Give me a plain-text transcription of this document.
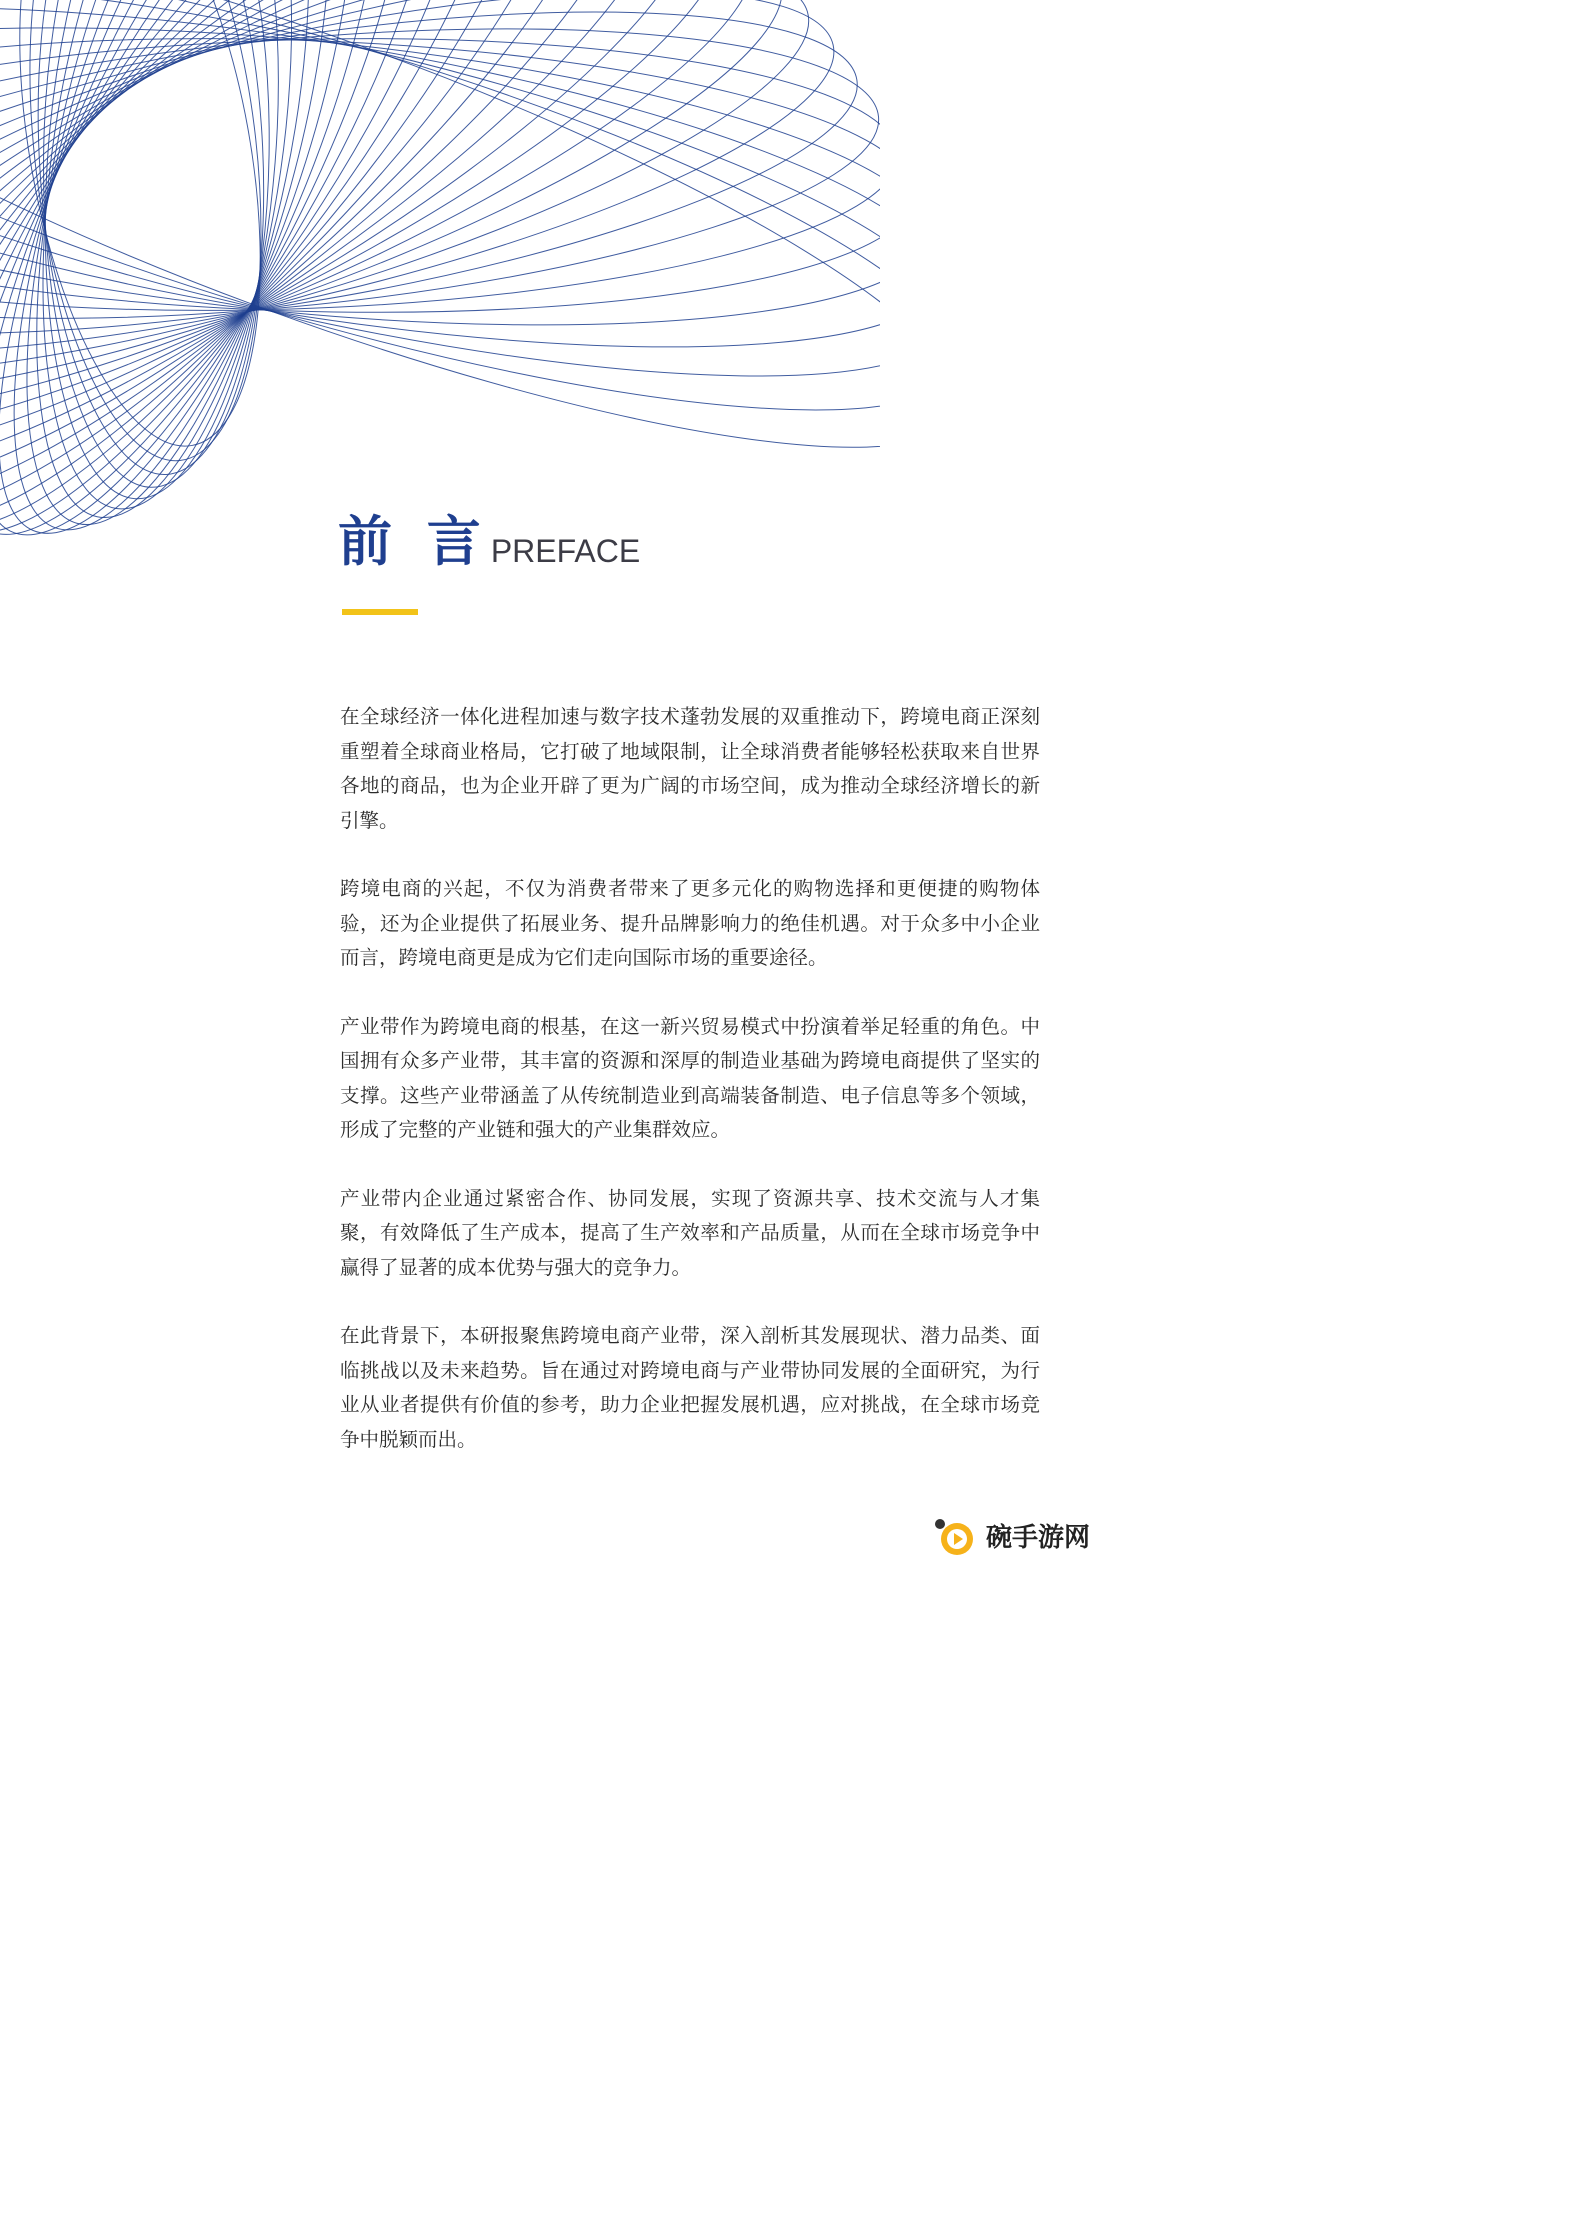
前 言 PREFACE

在全球经济一体化进程加速与数字技术蓬勃发展的双重推动下，跨境电商正深刻重塑着全球商业格局，它打破了地域限制，让全球消费者能够轻松获取来自世界各地的商品，也为企业开辟了更为广阔的市场空间，成为推动全球经济增长的新引擎。

跨境电商的兴起，不仅为消费者带来了更多元化的购物选择和更便捷的购物体验，还为企业提供了拓展业务、提升品牌影响力的绝佳机遇。对于众多中小企业而言，跨境电商更是成为它们走向国际市场的重要途径。

产业带作为跨境电商的根基，在这一新兴贸易模式中扮演着举足轻重的角色。中国拥有众多产业带，其丰富的资源和深厚的制造业基础为跨境电商提供了坚实的支撑。这些产业带涵盖了从传统制造业到高端装备制造、电子信息等多个领域，形成了完整的产业链和强大的产业集群效应。

产业带内企业通过紧密合作、协同发展，实现了资源共享、技术交流与人才集聚，有效降低了生产成本，提高了生产效率和产品质量，从而在全球市场竞争中赢得了显著的成本优势与强大的竞争力。

在此背景下，本研报聚焦跨境电商产业带，深入剖析其发展现状、潜力品类、面临挑战以及未来趋势。旨在通过对跨境电商与产业带协同发展的全面研究，为行业从业者提供有价值的参考，助力企业把握发展机遇，应对挑战，在全球市场竞争中脱颖而出。

碗手游网
